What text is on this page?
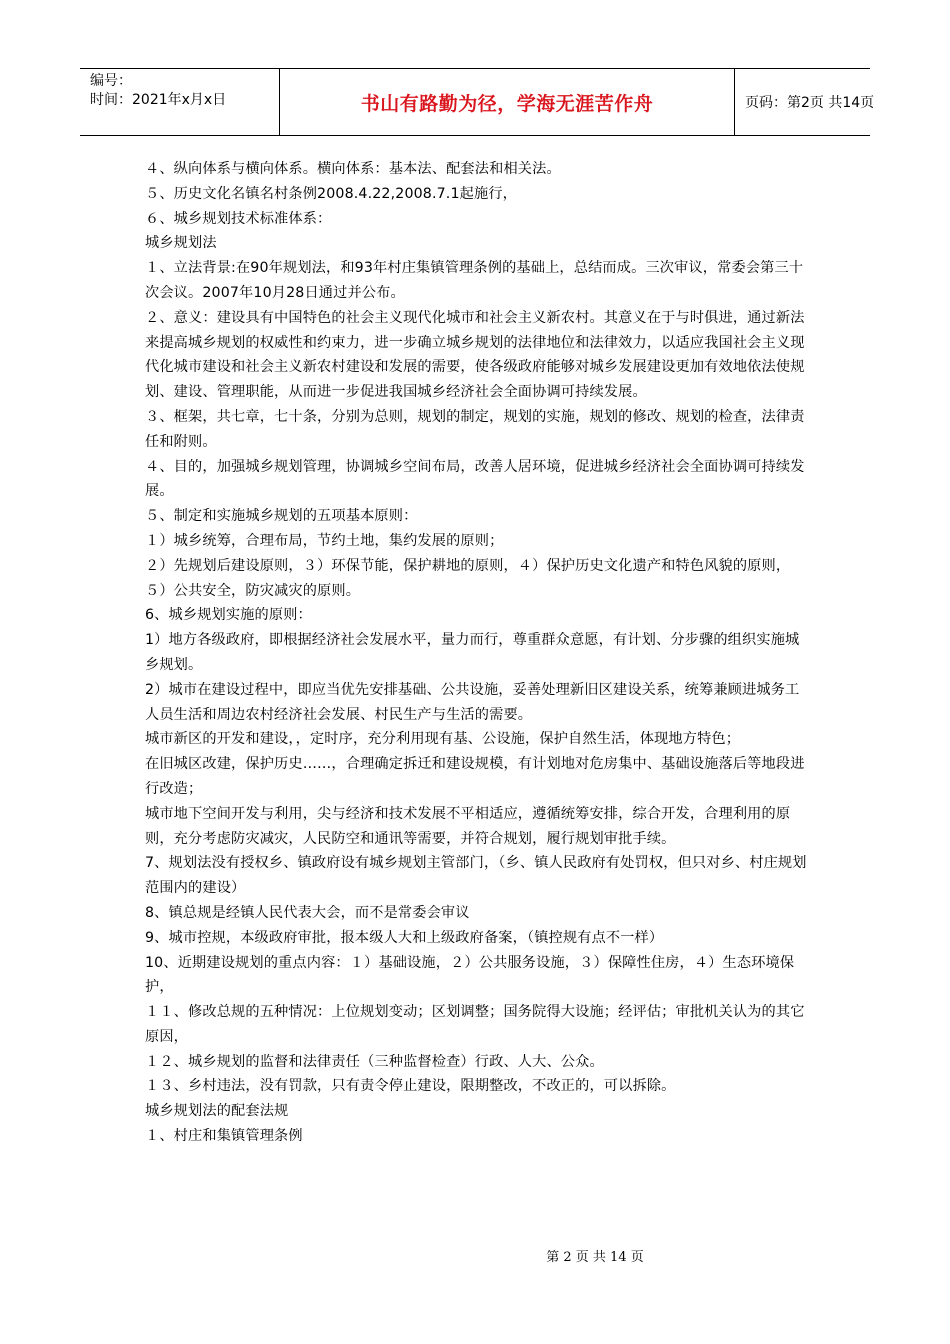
编号：
时间：2021年x月x日	书山有路勤为径，学海无涯苦作舟	页码：第2页 共14页

４、纵向体系与横向体系。横向体系：基本法、配套法和相关法。

５、历史文化名镇名村条例2008.4.22,2008.7.1起施行，

６、城乡规划技术标准体系：

城乡规划法

１、立法背景:在90年规划法，和93年村庄集镇管理条例的基础上，总结而成。三次审议，常委会第三十次会议。2007年10月28日通过并公布。

２、意义：建设具有中国特色的社会主义现代化城市和社会主义新农村。其意义在于与时俱进，通过新法来提高城乡规划的权威性和约束力，进一步确立城乡规划的法律地位和法律效力，以适应我国社会主义现代化城市建设和社会主义新农村建设和发展的需要，使各级政府能够对城乡发展建设更加有效地依法使规划、建设、管理职能，从而进一步促进我国城乡经济社会全面协调可持续发展。

３、框架，共七章，七十条，分别为总则，规划的制定，规划的实施，规划的修改、规划的检查，法律责任和附则。

４、目的，加强城乡规划管理，协调城乡空间布局，改善人居环境，促进城乡经济社会全面协调可持续发展。

５、制定和实施城乡规划的五项基本原则：

１）城乡统筹，合理布局，节约土地，集约发展的原则；

２）先规划后建设原则，３）环保节能，保护耕地的原则，４）保护历史文化遗产和特色风貌的原则，５）公共安全，防灾减灾的原则。

6、城乡规划实施的原则：

1）地方各级政府，即根据经济社会发展水平，量力而行，尊重群众意愿，有计划、分步骤的组织实施城乡规划。

2）城市在建设过程中，即应当优先安排基础、公共设施，妥善处理新旧区建设关系，统筹兼顾进城务工人员生活和周边农村经济社会发展、村民生产与生活的需要。

城市新区的开发和建设，，定时序，充分利用现有基、公设施，保护自然生活，体现地方特色；

在旧城区改建，保护历史……，合理确定拆迁和建设规模，有计划地对危房集中、基础设施落后等地段进行改造；

城市地下空间开发与利用，尖与经济和技术发展不平相适应，遵循统筹安排，综合开发，合理利用的原则，充分考虑防灾减灾，人民防空和通讯等需要，并符合规划，履行规划审批手续。

7、规划法没有授权乡、镇政府设有城乡规划主管部门，（乡、镇人民政府有处罚权，但只对乡、村庄规划范围内的建设）

8、镇总规是经镇人民代表大会，而不是常委会审议

9、城市控规，本级政府审批，报本级人大和上级政府备案，（镇控规有点不一样）

10、近期建设规划的重点内容：１）基础设施，２）公共服务设施，３）保障性住房，４）生态环境保护，

１１、修改总规的五种情况：上位规划变动；区划调整；国务院得大设施；经评估；审批机关认为的其它原因，

１２、城乡规划的监督和法律责任（三种监督检查）行政、人大、公众。

１３、乡村违法，没有罚款，只有责令停止建设，限期整改，不改正的，可以拆除。

城乡规划法的配套法规

１、村庄和集镇管理条例

第 2 页 共 14 页
